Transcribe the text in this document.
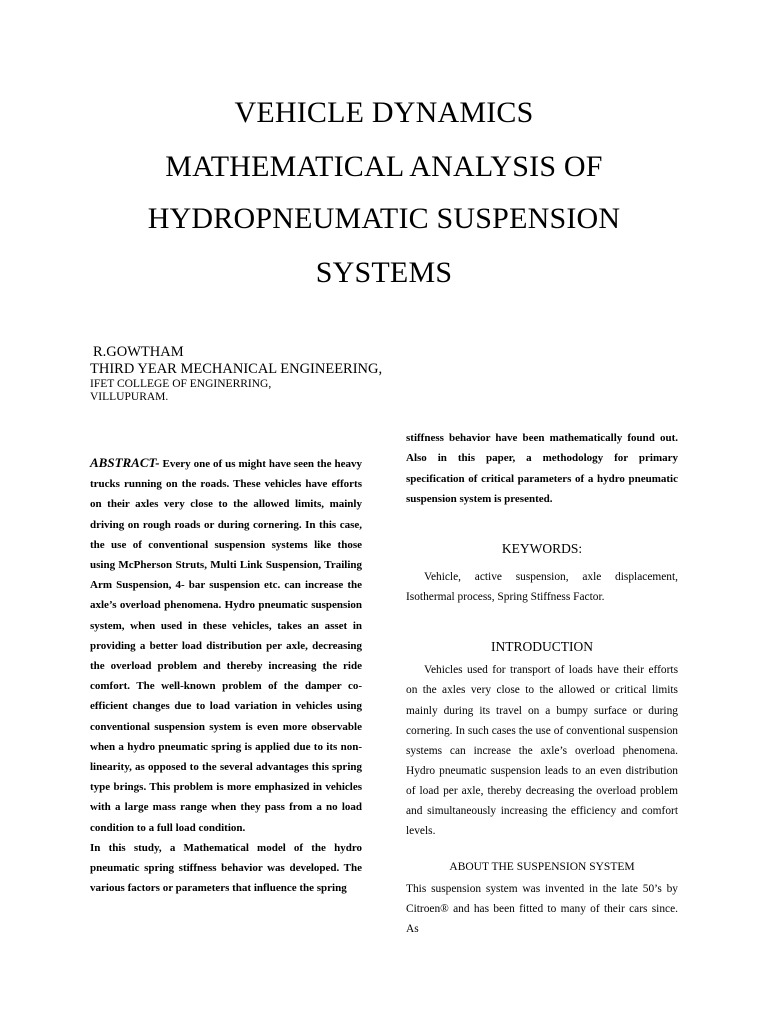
VEHICLE DYNAMICS
MATHEMATICAL ANALYSIS OF
HYDROPNEUMATIC SUSPENSION
SYSTEMS

R.GOWTHAM

THIRD YEAR MECHANICAL ENGINEERING,

IFET COLLEGE OF ENGINERRING,

VILLUPURAM.

ABSTRACT- Every one of us might have seen the heavy trucks running on the roads. These vehicles have efforts on their axles very close to the allowed limits, mainly driving on rough roads or during cornering. In this case, the use of conventional suspension systems like those using McPherson Struts, Multi Link Suspension, Trailing Arm Suspension, 4- bar suspension etc. can increase the axle’s overload phenomena. Hydro pneumatic suspension system, when used in these vehicles, takes an asset in providing a better load distribution per axle, decreasing the overload problem and thereby increasing the ride comfort. The well-known problem of the damper co-efficient changes due to load variation in vehicles using conventional suspension system is even more observable when a hydro pneumatic spring is applied due to its non-linearity, as opposed to the several advantages this spring type brings. This problem is more emphasized in vehicles with a large mass range when they pass from a no load condition to a full load condition.

In this study, a Mathematical model of the hydro pneumatic spring stiffness behavior was developed. The various factors or parameters that influence the spring

stiffness behavior have been mathematically found out. Also in this paper, a methodology for primary specification of critical parameters of a hydro pneumatic suspension system is presented.

KEYWORDS:

Vehicle, active suspension, axle displacement, Isothermal process, Spring Stiffness Factor.

INTRODUCTION

Vehicles used for transport of loads have their efforts on the axles very close to the allowed or critical limits mainly during its travel on a bumpy surface or during cornering. In such cases the use of conventional suspension systems can increase the axle’s overload phenomena. Hydro pneumatic suspension leads to an even distribution of load per axle, thereby decreasing the overload problem and simultaneously increasing the efficiency and comfort levels.

ABOUT THE SUSPENSION SYSTEM

This suspension system was invented in the late 50’s by Citroen® and has been fitted to many of their cars since. As
